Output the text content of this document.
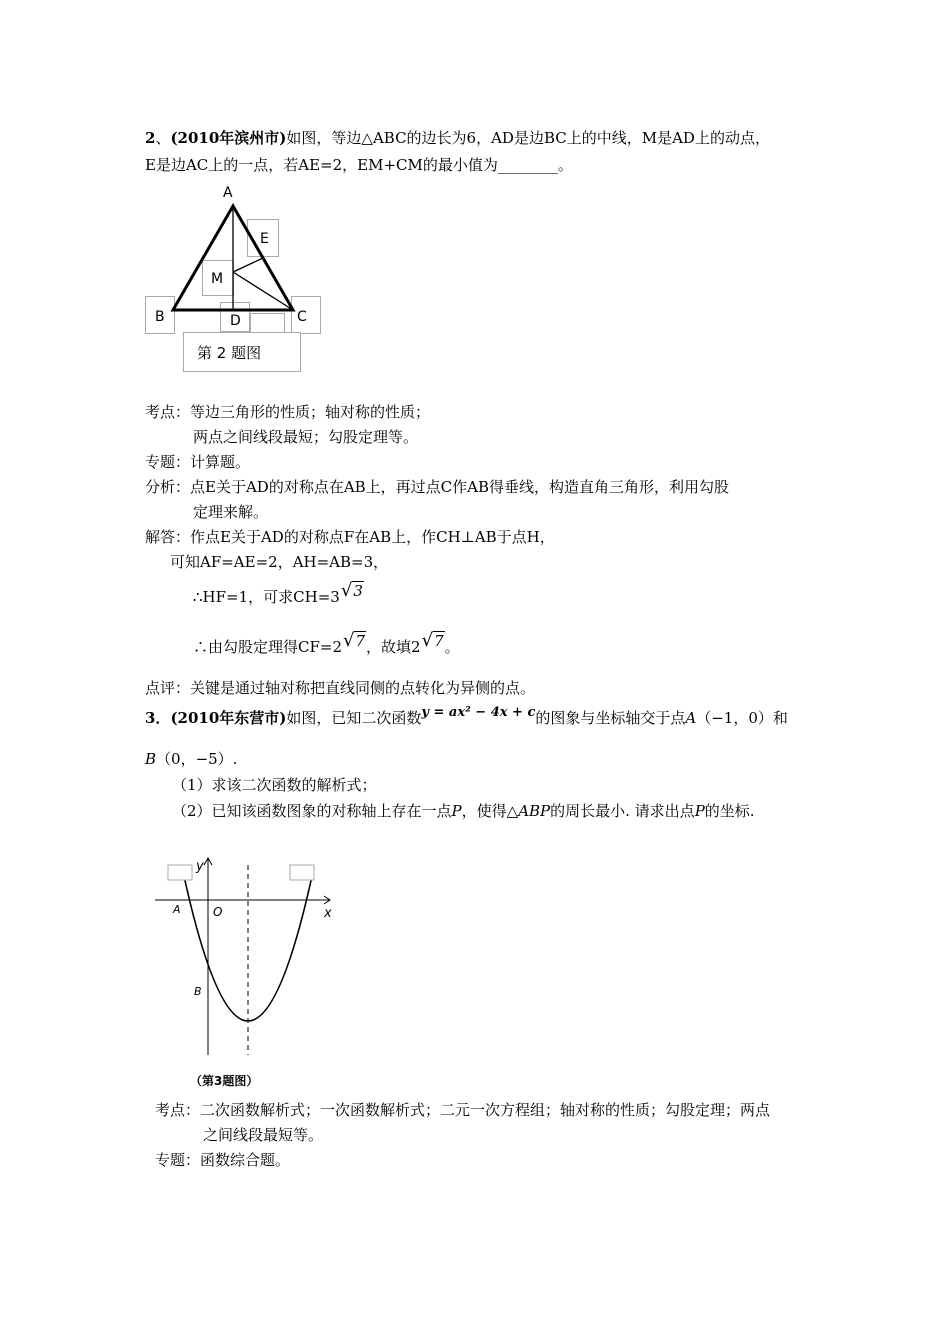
2、(2010年滨州市)如图，等边△ABC的边长为6，AD是边BC上的中线，M是AD上的动点，
E是边AC上的一点，若AE=2，EM+CM的最小值为________。
A
E
M
B	C
D
第 2 题图
考点：等边三角形的性质；轴对称的性质；
两点之间线段最短；勾股定理等。
专题：计算题。
分析：点E关于AD的对称点在AB上，再过点C作AB得垂线，构造直角三角形，利用勾股
定理来解。
解答：作点E关于AD的对称点F在AB上，作CH⊥AB于点H，
可知AF=AE=2，AH=AB=3，
∴HF=1，可求CH=3√3
∴由勾股定理得CF=2√7，故填2√7。
点评：关键是通过轴对称把直线同侧的点转化为异侧的点。
3．(2010年东营市)如图，已知二次函数y = ax² − 4x + c的图象与坐标轴交于点A（−1，0）和
B（0，−5）.
（1）求该二次函数的解析式；
（2）已知该函数图象的对称轴上存在一点P，使得△ABP的周长最小. 请求出点P的坐标.
y
x
O
A
B
（第3题图）
考点：二次函数解析式；一次函数解析式；二元一次方程组；轴对称的性质；勾股定理；两点
之间线段最短等。
专题：函数综合题。
